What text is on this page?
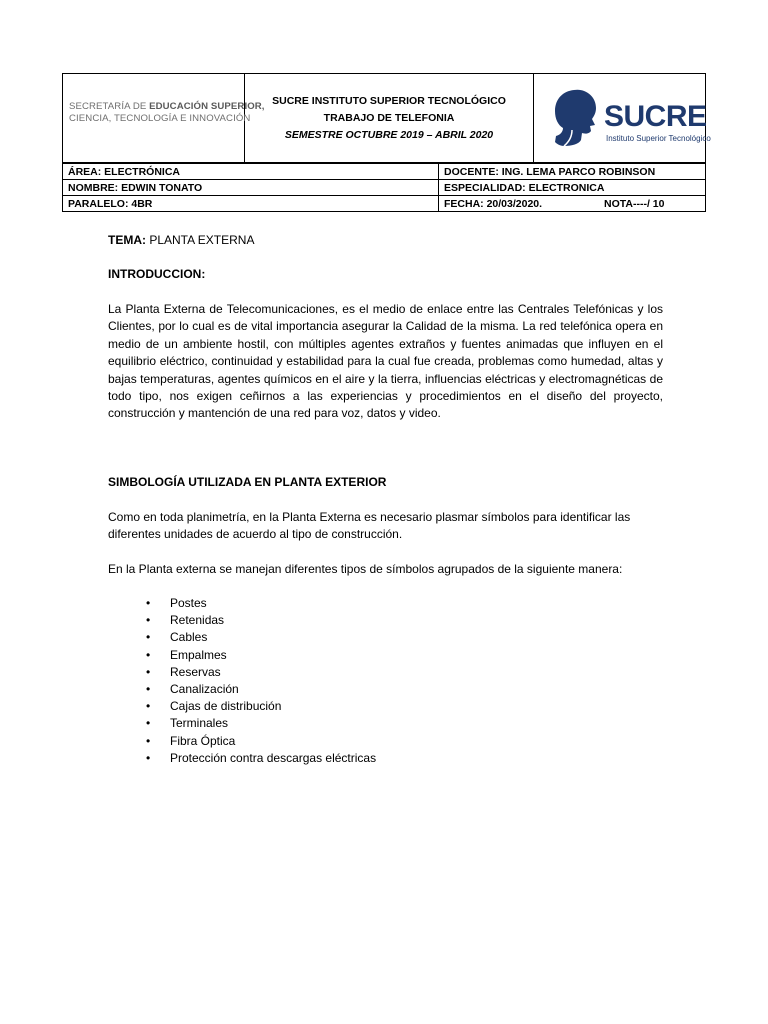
SECRETARÍA DE EDUCACIÓN SUPERIOR,
CIENCIA, TECNOLOGÍA E INNOVACIÓN
SUCRE INSTITUTO SUPERIOR TECNOLÓGICO
TRABAJO DE TELEFONIA
SEMESTRE OCTUBRE 2019 – ABRIL 2020
SUCRE
Instituto Superior Tecnológico
ÁREA: ELECTRÓNICA	DOCENTE: ING. LEMA PARCO ROBINSON
NOMBRE: EDWIN TONATO	ESPECIALIDAD: ELECTRONICA
PARALELO: 4BR	FECHA: 20/03/2020. NOTA----/ 10
TEMA: PLANTA EXTERNA
INTRODUCCION:
La Planta Externa de Telecomunicaciones, es el medio de enlace entre las Centrales Telefónicas y los Clientes, por lo cual es de vital importancia asegurar la Calidad de la misma. La red telefónica opera en medio de un ambiente hostil, con múltiples agentes extraños y fuentes animadas que influyen en el equilibrio eléctrico, continuidad y estabilidad para la cual fue creada, problemas como humedad, altas y bajas temperaturas, agentes químicos en el aire y la tierra, influencias eléctricas y electromagnéticas de todo tipo, nos exigen ceñirnos a las experiencias y procedimientos en el diseño del proyecto, construcción y mantención de una red para voz, datos y video.
SIMBOLOGÍA UTILIZADA EN PLANTA EXTERIOR
Como en toda planimetría, en la Planta Externa es necesario plasmar símbolos para identificar las diferentes unidades de acuerdo al tipo de construcción.
En la Planta externa se manejan diferentes tipos de símbolos agrupados de la siguiente manera:
• Postes
• Retenidas
• Cables
• Empalmes
• Reservas
• Canalización
• Cajas de distribución
• Terminales
• Fibra Óptica
• Protección contra descargas eléctricas
